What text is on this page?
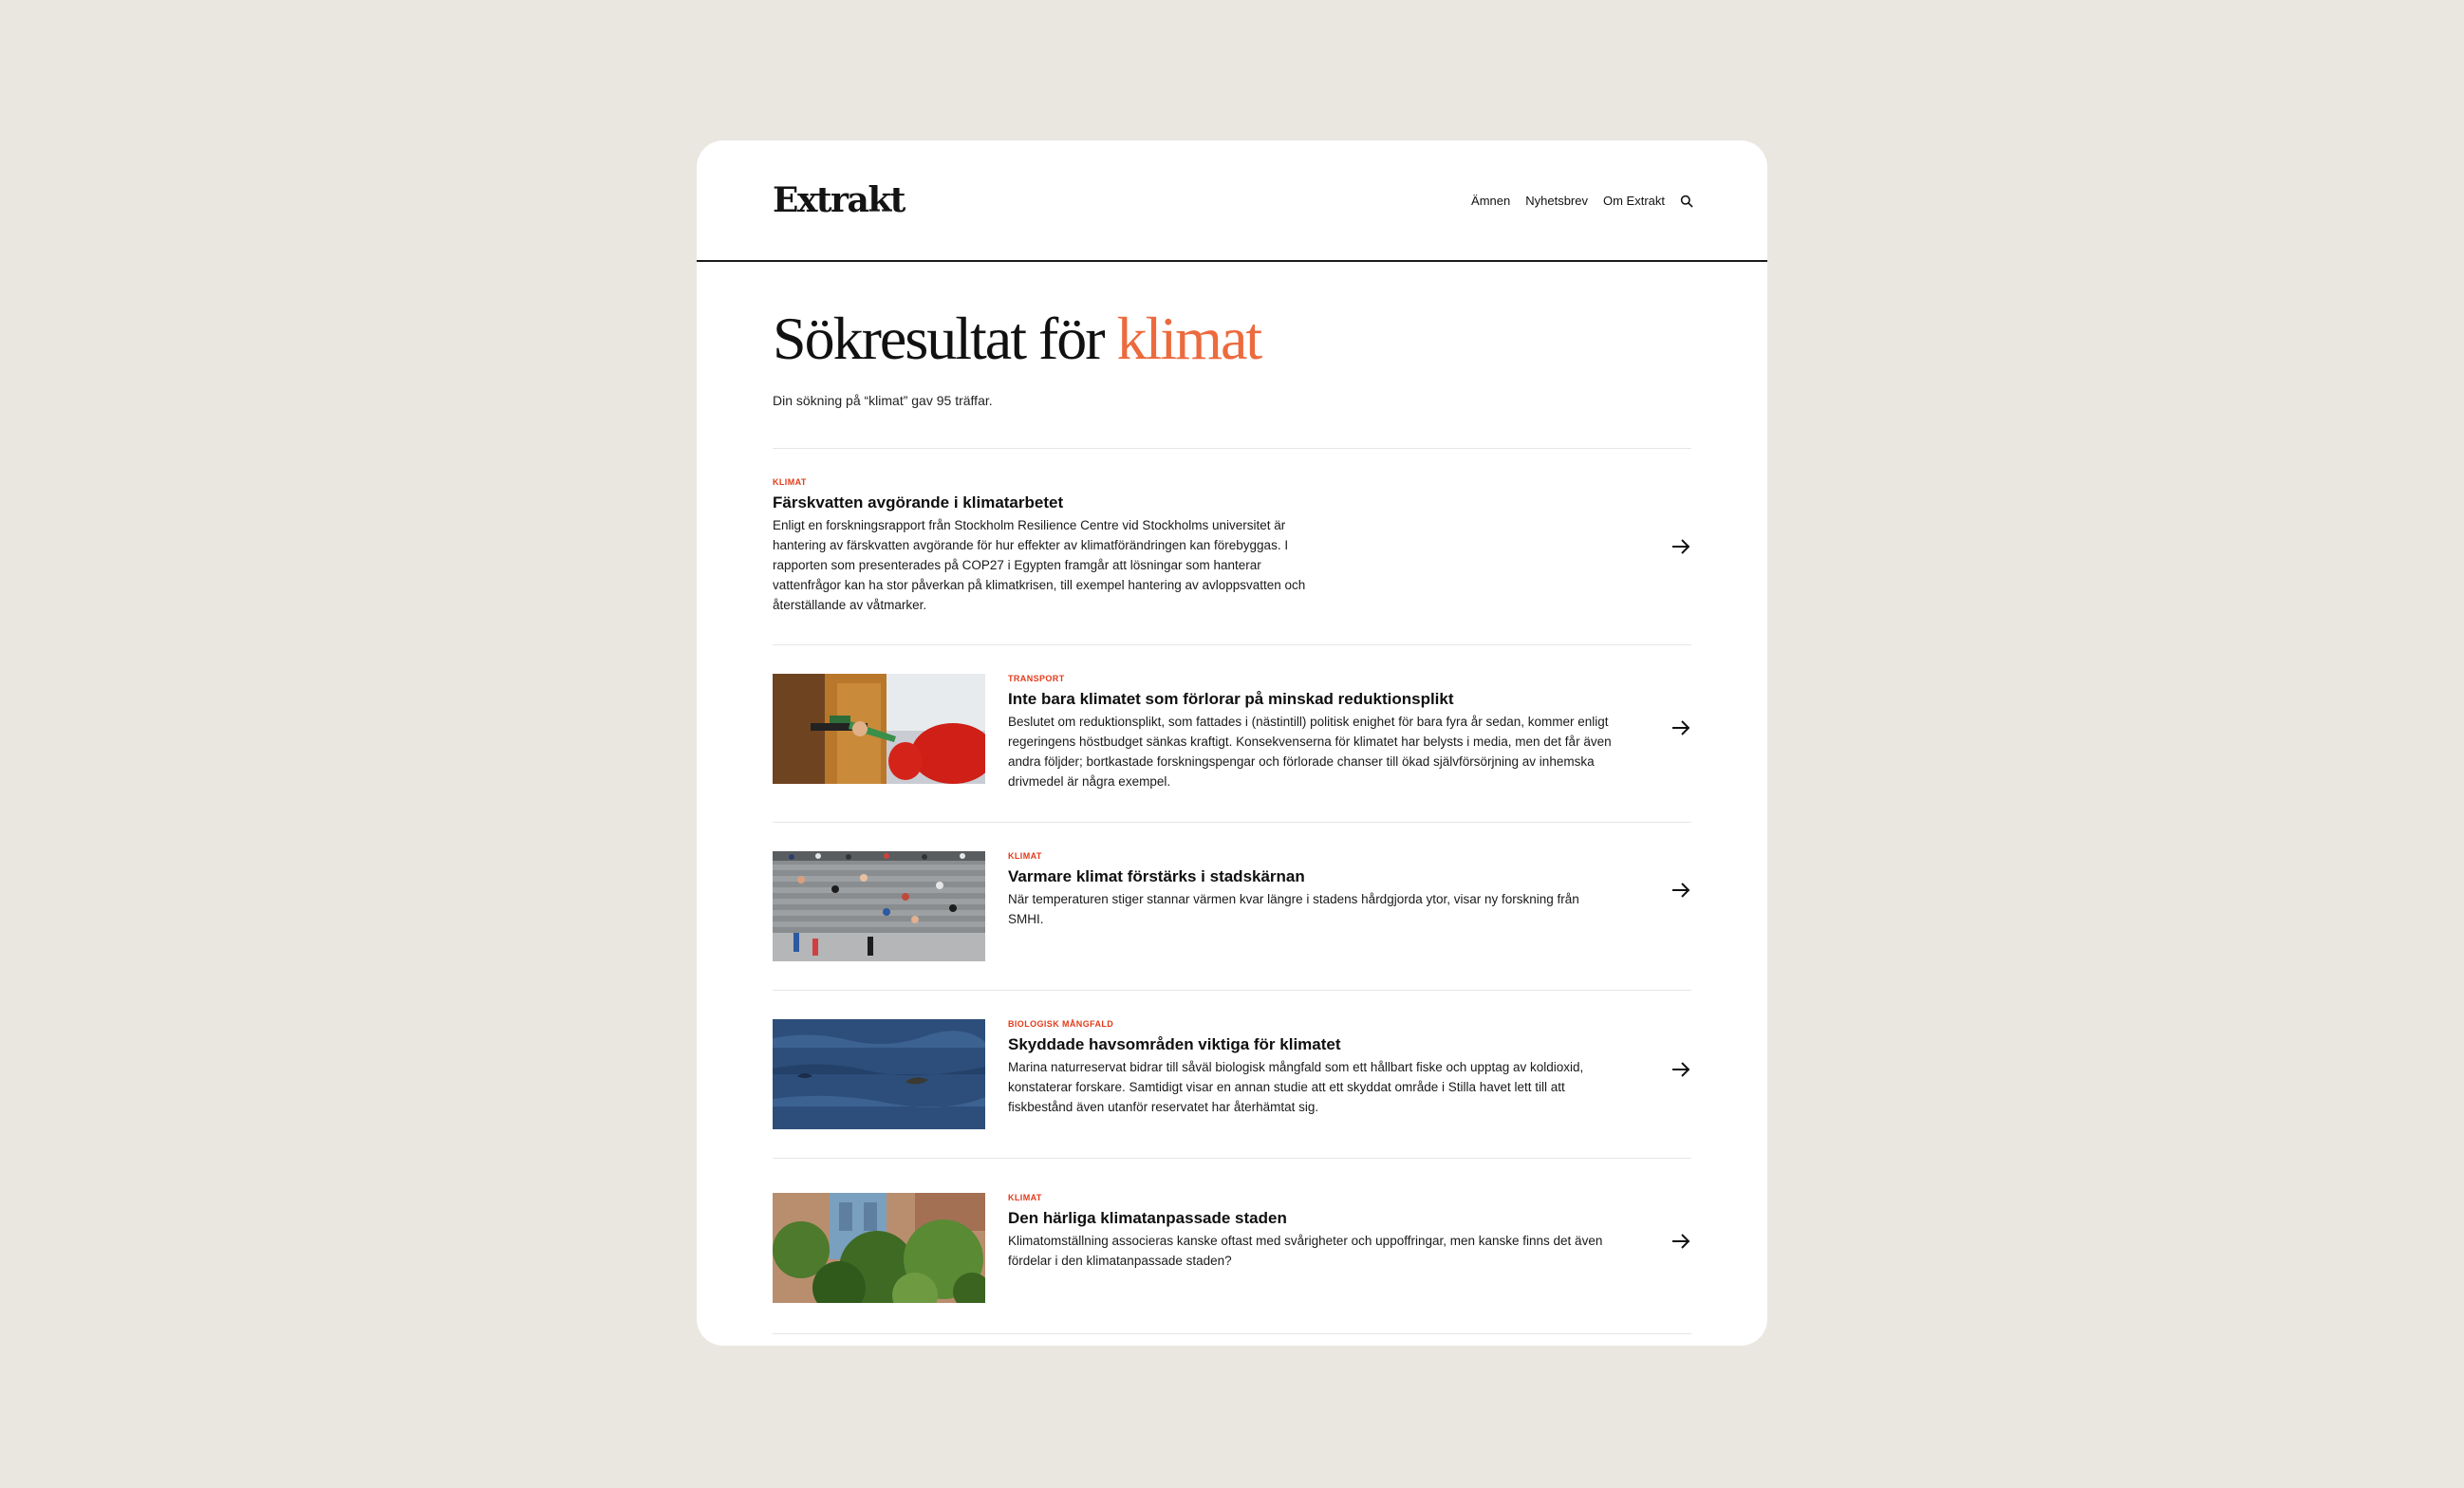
Extrakt	Ämnen Nyhetsbrev Om Extrakt
Sökresultat för klimat
Din sökning på “klimat” gav 95 träffar.
KLIMAT
Färskvatten avgörande i klimatarbetet
Enligt en forskningsrapport från Stockholm Resilience Centre vid Stockholms universitet är hantering av färskvatten avgörande för hur effekter av klimatförändringen kan förebyggas. I rapporten som presenterades på COP27 i Egypten framgår att lösningar som hanterar vattenfrågor kan ha stor påverkan på klimatkrisen, till exempel hantering av avloppsvatten och återställande av våtmarker.
TRANSPORT
Inte bara klimatet som förlorar på minskad reduktionsplikt
Beslutet om reduktionsplikt, som fattades i (nästintill) politisk enighet för bara fyra år sedan, kommer enligt regeringens höstbudget sänkas kraftigt. Konsekvenserna för klimatet har belysts i media, men det får även andra följder; bortkastade forskningspengar och förlorade chanser till ökad självförsörjning av inhemska drivmedel är några exempel.
KLIMAT
Varmare klimat förstärks i stadskärnan
När temperaturen stiger stannar värmen kvar längre i stadens hårdgjorda ytor, visar ny forskning från SMHI.
BIOLOGISK MÅNGFALD
Skyddade havsområden viktiga för klimatet
Marina naturreservat bidrar till såväl biologisk mångfald som ett hållbart fiske och upptag av koldioxid, konstaterar forskare. Samtidigt visar en annan studie att ett skyddat område i Stilla havet lett till att fiskbestånd även utanför reservatet har återhämtat sig.
KLIMAT
Den härliga klimatanpassade staden
Klimatomställning associeras kanske oftast med svårigheter och uppoffringar, men kanske finns det även fördelar i den klimatanpassade staden?
